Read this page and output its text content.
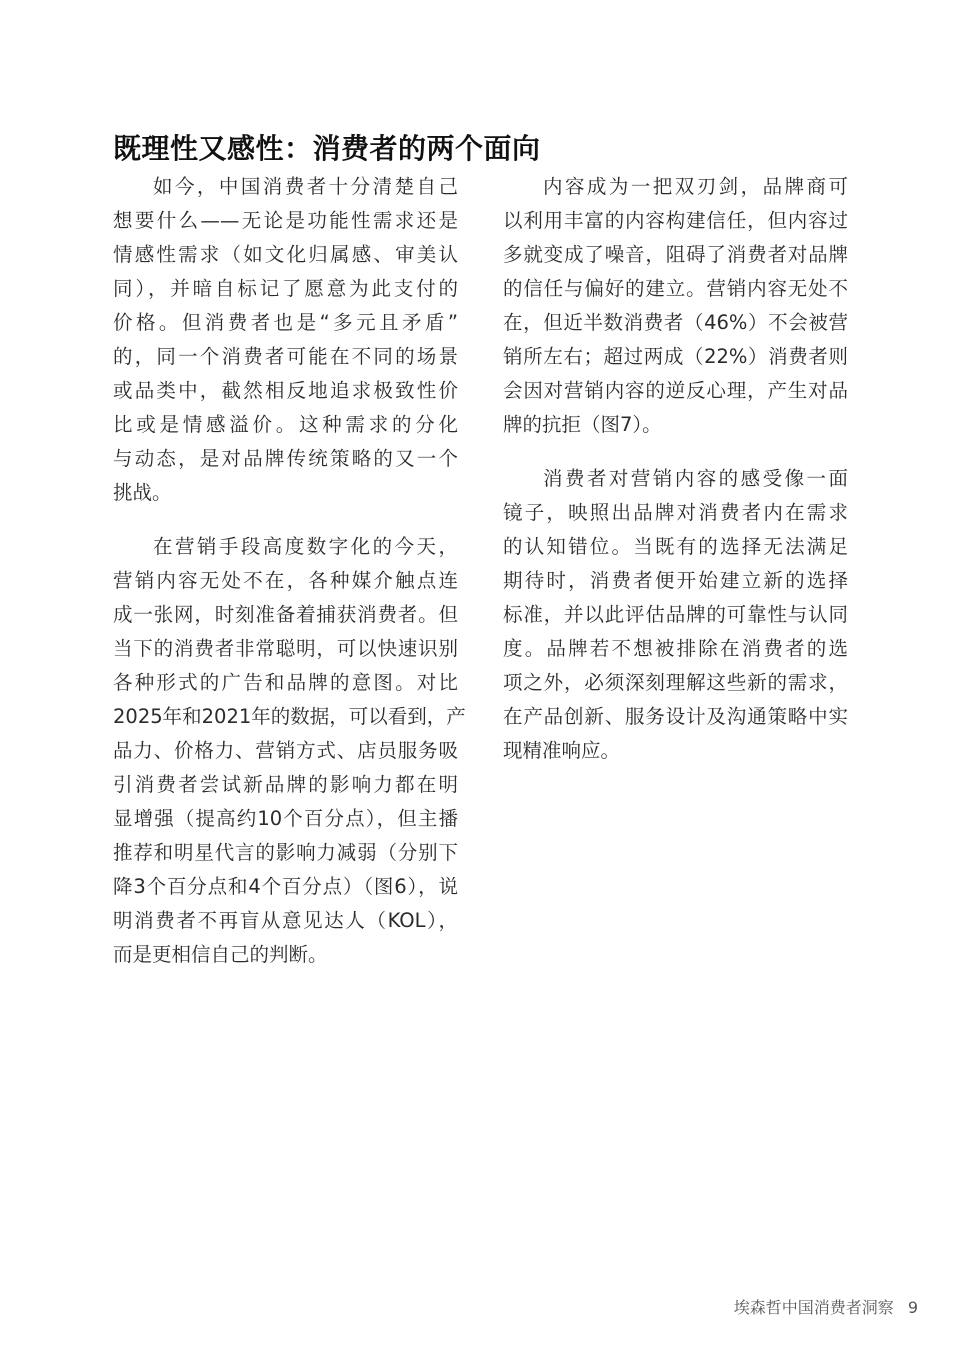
既理性又感性：消费者的两个面向
如今，中国消费者十分清楚自己
想要什么——无论是功能性需求还是
情感性需求（如文化归属感、审美认
同），并暗自标记了愿意为此支付的
价格。但消费者也是“多元且矛盾”
的，同一个消费者可能在不同的场景
或品类中，截然相反地追求极致性价
比或是情感溢价。这种需求的分化
与动态，是对品牌传统策略的又一个
挑战。
在营销手段高度数字化的今天，
营销内容无处不在，各种媒介触点连
成一张网，时刻准备着捕获消费者。但
当下的消费者非常聪明，可以快速识别
各种形式的广告和品牌的意图。对比
2025年和2021年的数据，可以看到，产
品力、价格力、营销方式、店员服务吸
引消费者尝试新品牌的影响力都在明
显增强（提高约10个百分点），但主播
推荐和明星代言的影响力减弱（分别下
降3个百分点和4个百分点）（图6），说
明消费者不再盲从意见达人（KOL），
而是更相信自己的判断。
内容成为一把双刃剑，品牌商可
以利用丰富的内容构建信任，但内容过
多就变成了噪音，阻碍了消费者对品牌
的信任与偏好的建立。营销内容无处不
在，但近半数消费者（46%）不会被营
销所左右；超过两成（22%）消费者则
会因对营销内容的逆反心理，产生对品
牌的抗拒（图7）。
消费者对营销内容的感受像一面
镜子，映照出品牌对消费者内在需求
的认知错位。当既有的选择无法满足
期待时，消费者便开始建立新的选择
标准，并以此评估品牌的可靠性与认同
度。品牌若不想被排除在消费者的选
项之外，必须深刻理解这些新的需求，
在产品创新、服务设计及沟通策略中实
现精准响应。
埃森哲中国消费者洞察 9
